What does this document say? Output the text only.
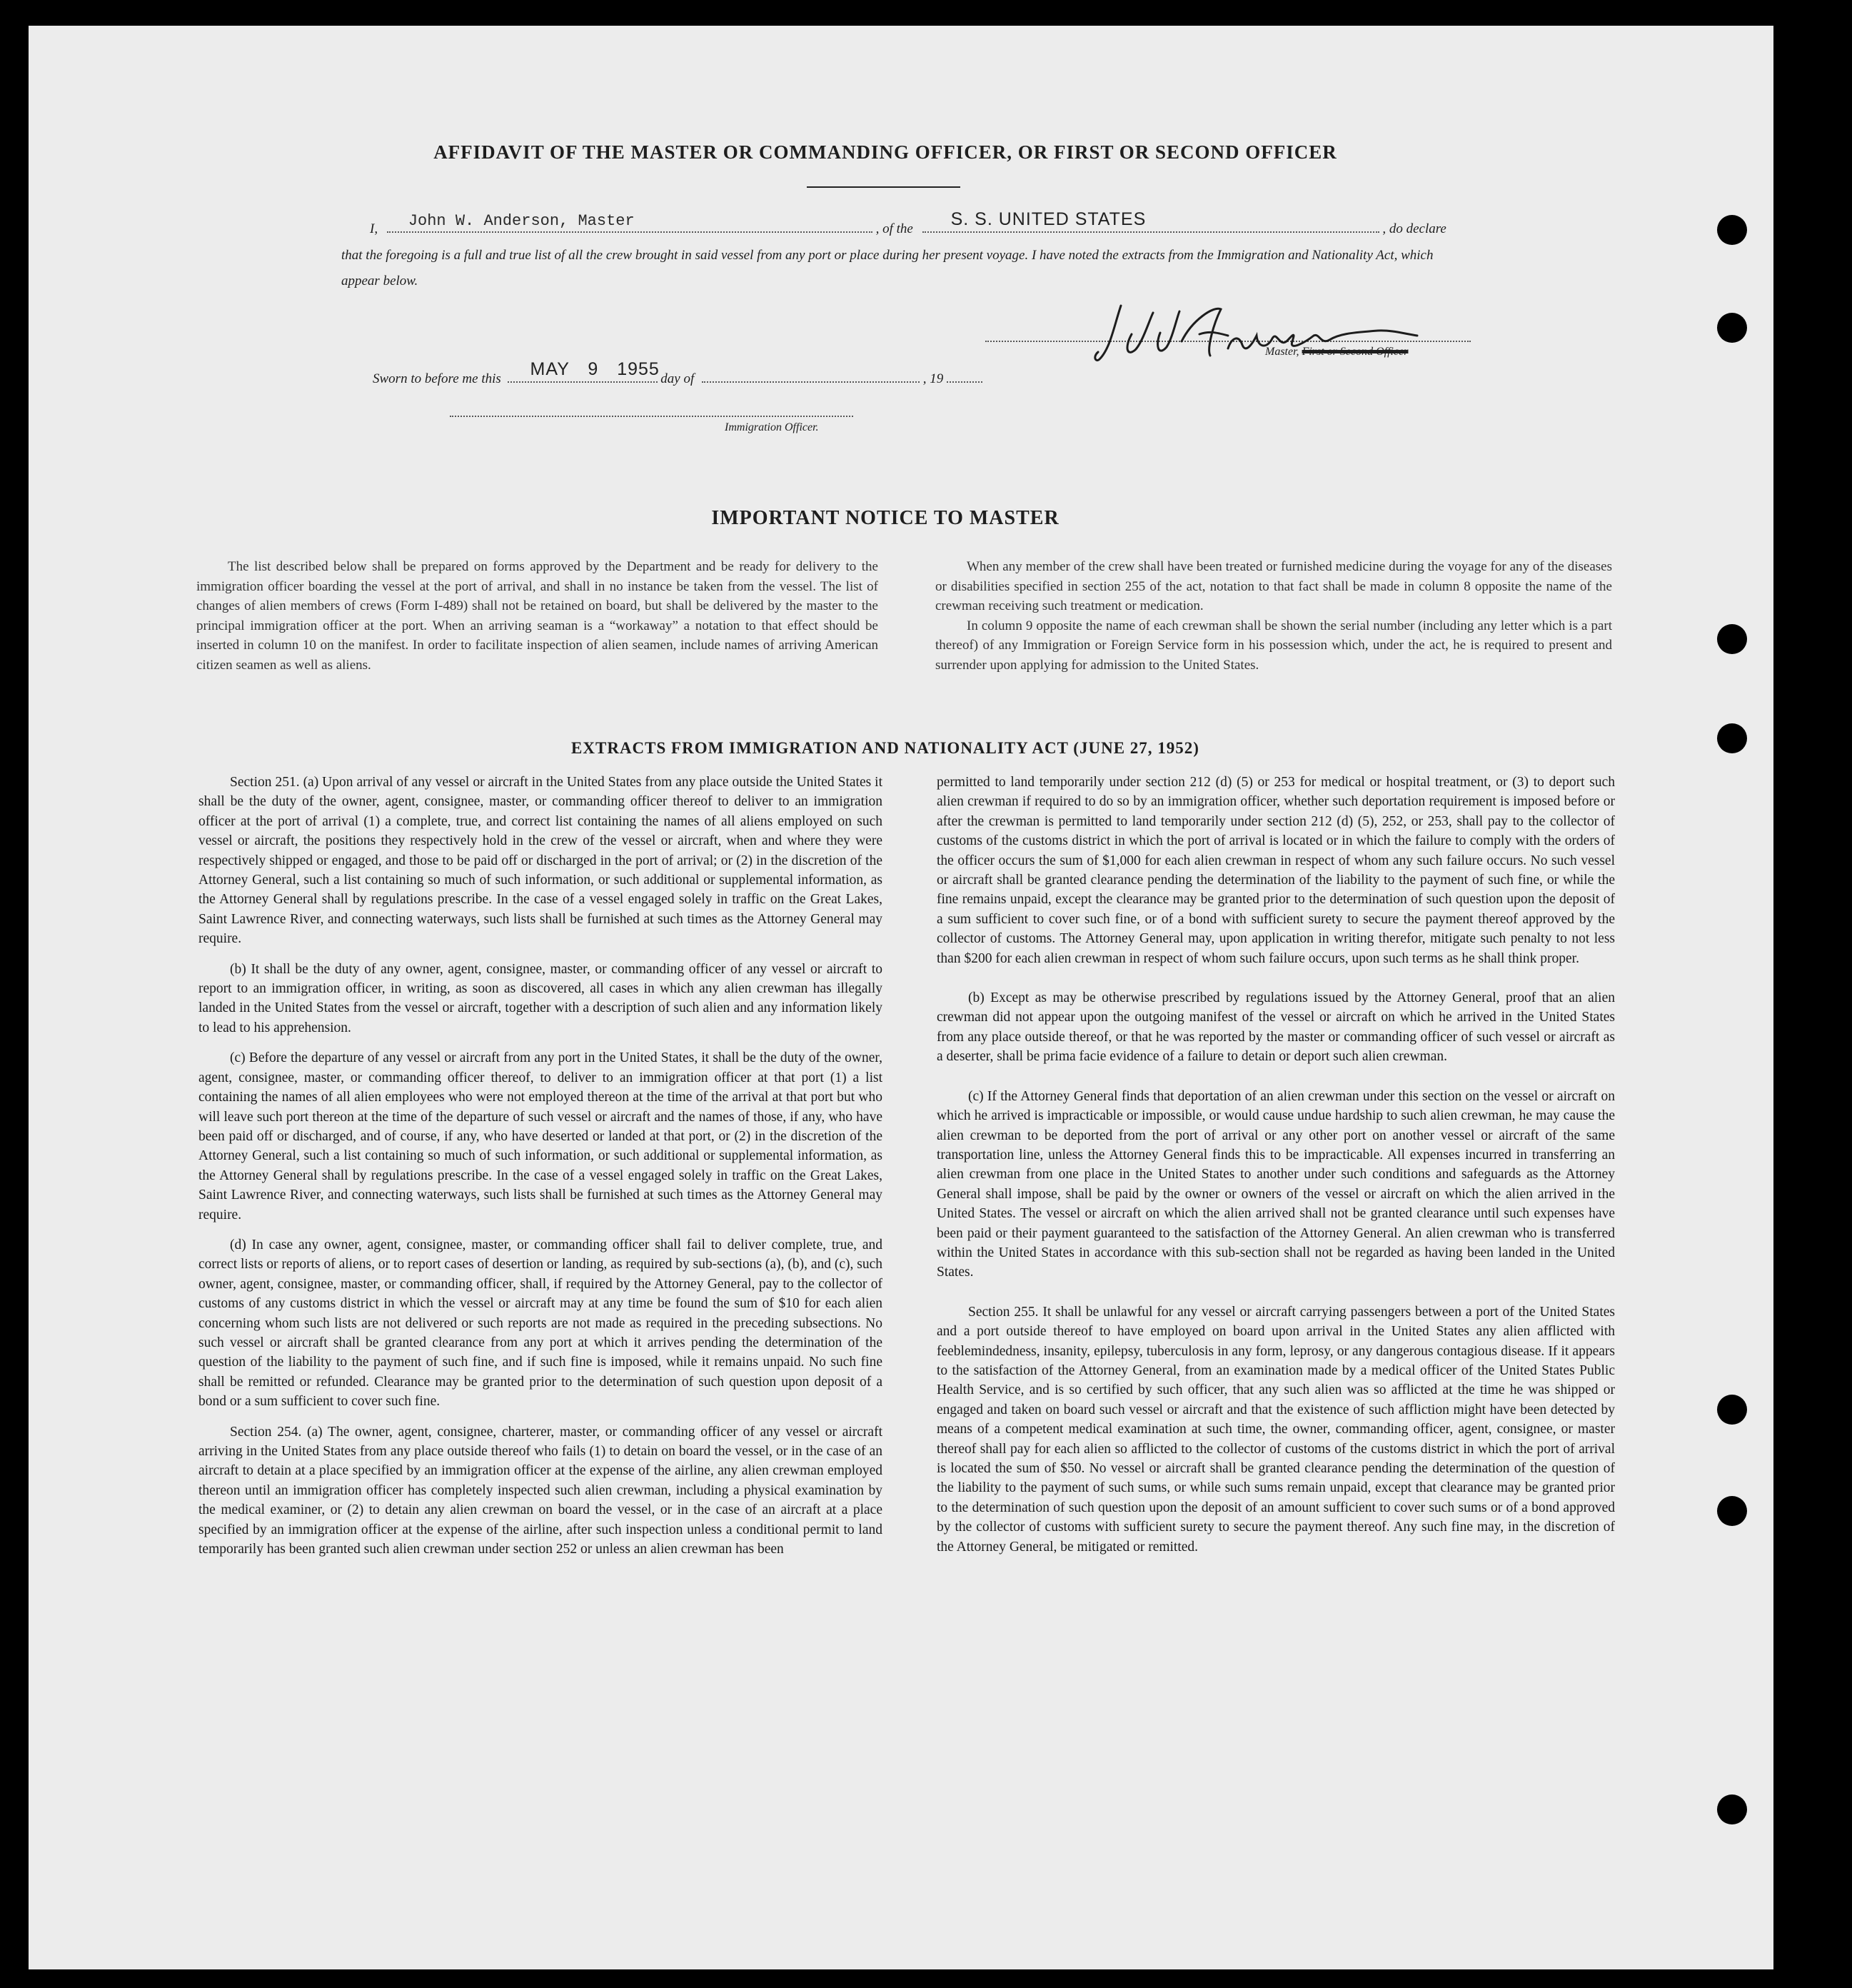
AFFIDAVIT OF THE MASTER OR COMMANDING OFFICER, OR FIRST OR SECOND OFFICER
I, John W. Anderson, Master	, of the S. S. UNITED STATES	, do declare
that the foregoing is a full and true list of all the crew brought in said vessel from any port or place during her present voyage. I have noted the extracts from the Immigration and Nationality Act, which appear below.
Master, First or Second Officer
Sworn to before me this MAY 9 1955 day of	, 19
Immigration Officer.
IMPORTANT NOTICE TO MASTER
The list described below shall be prepared on forms approved by the Department and be ready for delivery to the immigration officer boarding the vessel at the port of arrival, and shall in no instance be taken from the vessel. The list of changes of alien members of crews (Form I-489) shall not be retained on board, but shall be delivered by the master to the principal immigration officer at the port. When an arriving seaman is a “workaway” a notation to that effect should be inserted in column 10 on the manifest. In order to facilitate inspection of alien seamen, include names of arriving American citizen seamen as well as aliens.
When any member of the crew shall have been treated or furnished medicine during the voyage for any of the diseases or disabilities specified in section 255 of the act, notation to that fact shall be made in column 8 opposite the name of the crewman receiving such treatment or medication.
In column 9 opposite the name of each crewman shall be shown the serial number (including any letter which is a part thereof) of any Immigration or Foreign Service form in his possession which, under the act, he is required to present and surrender upon applying for admission to the United States.
EXTRACTS FROM IMMIGRATION AND NATIONALITY ACT (JUNE 27, 1952)

Section 251. (a) Upon arrival of any vessel or aircraft in the United States from any place outside the United States it shall be the duty of the owner, agent, consignee, master, or commanding officer thereof to deliver to an immigration officer at the port of arrival (1) a complete, true, and correct list containing the names of all aliens employed on such vessel or aircraft, the positions they respectively hold in the crew of the vessel or aircraft, when and where they were respectively shipped or engaged, and those to be paid off or discharged in the port of arrival; or (2) in the discretion of the Attorney General, such a list containing so much of such information, or such additional or supplemental information, as the Attorney General shall by regulations prescribe. In the case of a vessel engaged solely in traffic on the Great Lakes, Saint Lawrence River, and connecting waterways, such lists shall be furnished at such times as the Attorney General may require.

(b) It shall be the duty of any owner, agent, consignee, master, or commanding officer of any vessel or aircraft to report to an immigration officer, in writing, as soon as discovered, all cases in which any alien crewman has illegally landed in the United States from the vessel or aircraft, together with a description of such alien and any information likely to lead to his apprehension.

(c) Before the departure of any vessel or aircraft from any port in the United States, it shall be the duty of the owner, agent, consignee, master, or commanding officer thereof, to deliver to an immigration officer at that port (1) a list containing the names of all alien employees who were not employed thereon at the time of the arrival at that port but who will leave such port thereon at the time of the departure of such vessel or aircraft and the names of those, if any, who have been paid off or discharged, and of course, if any, who have deserted or landed at that port, or (2) in the discretion of the Attorney General, such a list containing so much of such information, or such additional or supplemental information, as the Attorney General shall by regulations prescribe. In the case of a vessel engaged solely in traffic on the Great Lakes, Saint Lawrence River, and connecting waterways, such lists shall be furnished at such times as the Attorney General may require.

(d) In case any owner, agent, consignee, master, or commanding officer shall fail to deliver complete, true, and correct lists or reports of aliens, or to report cases of desertion or landing, as required by sub-sections (a), (b), and (c), such owner, agent, consignee, master, or commanding officer, shall, if required by the Attorney General, pay to the collector of customs of any customs district in which the vessel or aircraft may at any time be found the sum of $10 for each alien concerning whom such lists are not delivered or such reports are not made as required in the preceding subsections. No such vessel or aircraft shall be granted clearance from any port at which it arrives pending the determination of the question of the liability to the payment of such fine, and if such fine is imposed, while it remains unpaid. No such fine shall be remitted or refunded. Clearance may be granted prior to the determination of such question upon deposit of a bond or a sum sufficient to cover such fine.

Section 254. (a) The owner, agent, consignee, charterer, master, or commanding officer of any vessel or aircraft arriving in the United States from any place outside thereof who fails (1) to detain on board the vessel, or in the case of an aircraft to detain at a place specified by an immigration officer at the expense of the airline, any alien crewman employed thereon until an immigration officer has completely inspected such alien crewman, including a physical examination by the medical examiner, or (2) to detain any alien crewman on board the vessel, or in the case of an aircraft at a place specified by an immigration officer at the expense of the airline, after such inspection unless a conditional permit to land temporarily has been granted such alien crewman under section 252 or unless an alien crewman has been

permitted to land temporarily under section 212 (d) (5) or 253 for medical or hospital treatment, or (3) to deport such alien crewman if required to do so by an immigration officer, whether such deportation requirement is imposed before or after the crewman is permitted to land temporarily under section 212 (d) (5), 252, or 253, shall pay to the collector of customs of the customs district in which the port of arrival is located or in which the failure to comply with the orders of the officer occurs the sum of $1,000 for each alien crewman in respect of whom any such failure occurs. No such vessel or aircraft shall be granted clearance pending the determination of the liability to the payment of such fine, or while the fine remains unpaid, except the clearance may be granted prior to the determination of such question upon the deposit of a sum sufficient to cover such fine, or of a bond with sufficient surety to secure the payment thereof approved by the collector of customs. The Attorney General may, upon application in writing therefor, mitigate such penalty to not less than $200 for each alien crewman in respect of whom such failure occurs, upon such terms as he shall think proper.

(b) Except as may be otherwise prescribed by regulations issued by the Attorney General, proof that an alien crewman did not appear upon the outgoing manifest of the vessel or aircraft on which he arrived in the United States from any place outside thereof, or that he was reported by the master or commanding officer of such vessel or aircraft as a deserter, shall be prima facie evidence of a failure to detain or deport such alien crewman.

(c) If the Attorney General finds that deportation of an alien crewman under this section on the vessel or aircraft on which he arrived is impracticable or impossible, or would cause undue hardship to such alien crewman, he may cause the alien crewman to be deported from the port of arrival or any other port on another vessel or aircraft of the same transportation line, unless the Attorney General finds this to be impracticable. All expenses incurred in transferring an alien crewman from one place in the United States to another under such conditions and safeguards as the Attorney General shall impose, shall be paid by the owner or owners of the vessel or aircraft on which the alien arrived in the United States. The vessel or aircraft on which the alien arrived shall not be granted clearance until such expenses have been paid or their payment guaranteed to the satisfaction of the Attorney General. An alien crewman who is transferred within the United States in accordance with this sub-section shall not be regarded as having been landed in the United States.

Section 255. It shall be unlawful for any vessel or aircraft carrying passengers between a port of the United States and a port outside thereof to have employed on board upon arrival in the United States any alien afflicted with feeblemindedness, insanity, epilepsy, tuberculosis in any form, leprosy, or any dangerous contagious disease. If it appears to the satisfaction of the Attorney General, from an examination made by a medical officer of the United States Public Health Service, and is so certified by such officer, that any such alien was so afflicted at the time he was shipped or engaged and taken on board such vessel or aircraft and that the existence of such affliction might have been detected by means of a competent medical examination at such time, the owner, commanding officer, agent, consignee, or master thereof shall pay for each alien so afflicted to the collector of customs of the customs district in which the port of arrival is located the sum of $50. No vessel or aircraft shall be granted clearance pending the determination of the question of the liability to the payment of such sums, or while such sums remain unpaid, except that clearance may be granted prior to the determination of such question upon the deposit of an amount sufficient to cover such sums or of a bond approved by the collector of customs with sufficient surety to secure the payment thereof. Any such fine may, in the discretion of the Attorney General, be mitigated or remitted.
